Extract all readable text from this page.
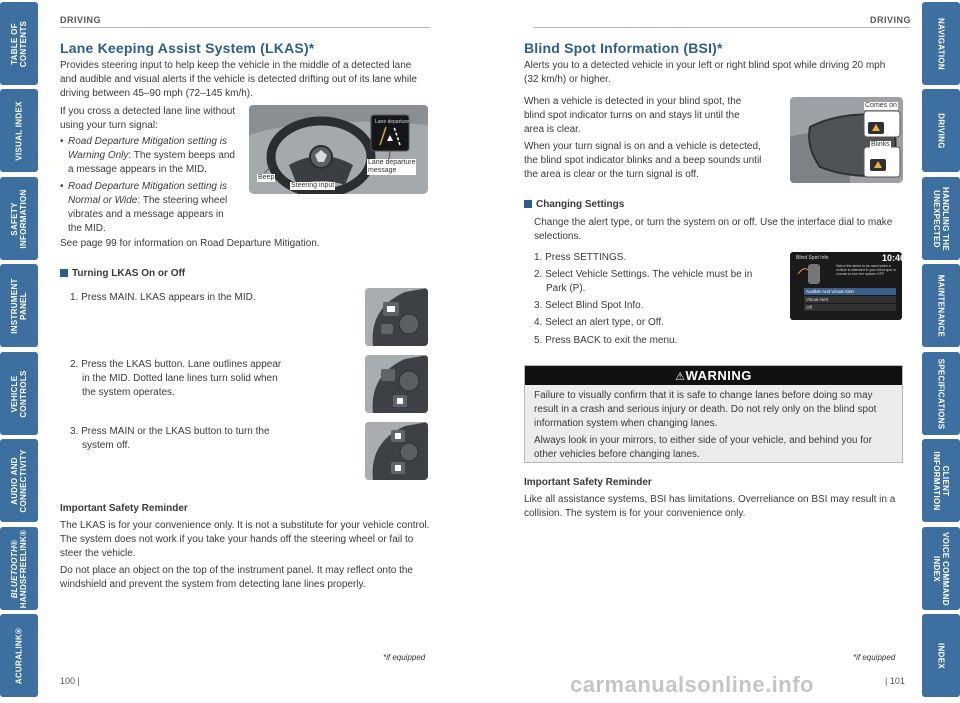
TABLE OF
CONTENTS
VISUAL INDEX
SAFETY
INFORMATION
INSTRUMENT
PANEL
VEHICLE
CONTROLS
AUDIO AND
CONNECTIVITY
BLUETOOTH®
HANDSFREELINK®
ACURALINK®
NAVIGATION
DRIVING
HANDLING THE
UNEXPECTED
MAINTENANCE
SPECIFICATIONS
CLIENT
INFORMATION
VOICE COMMAND
INDEX
INDEX
DRIVING
Lane Keeping Assist System (LKAS)*
Provides steering input to help keep the vehicle in the middle of a detected lane
and audible and visual alerts if the vehicle is detected drifting out of its lane while
driving between 45–90 mph (72–145 km/h).
If you cross a detected lane line without
using your turn signal:
• Road Departure Mitigation setting is
Warning Only: The system beeps and
a message appears in the MID.
• Road Departure Mitigation setting is
Normal or Wide: The steering wheel
vibrates and a message appears in
the MID.
See page 99 for information on Road Departure Mitigation.
Lane departure
Lane departure
message
Beep
Steering input
Turning LKAS On or Off
1. Press MAIN. LKAS appears in the MID.
2. Press the LKAS button. Lane outlines appear
in the MID. Dotted lane lines turn solid when
the system operates.
3. Press MAIN or the LKAS button to turn the
system off.
Important Safety Reminder
The LKAS is for your convenience only. It is not a substitute for your vehicle control.
The system does not work if you take your hands off the steering wheel or fail to
steer the vehicle.
Do not place an object on the top of the instrument panel. It may reflect onto the
windshield and prevent the system from detecting lane lines properly.
*if equipped
100 |
DRIVING
Blind Spot Information (BSI)*
Alerts you to a detected vehicle in your left or right blind spot while driving 20 mph
(32 km/h) or higher.
When a vehicle is detected in your blind spot, the
blind spot indicator turns on and stays lit until the
area is clear.
When your turn signal is on and a vehicle is detected,
the blind spot indicator blinks and a beep sounds until
the area is clear or the turn signal is off.
Comes on
Blinks
Changing Settings
Change the alert type, or turn the system on or off. Use the interface dial to make
selections.
1. Press SETTINGS.
2. Select Vehicle Settings. The vehicle must be in
Park (P).
3. Select Blind Spot Info.
4. Select an alert type, or Off.
5. Press BACK to exit the menu.
Blind Spot Info	10:46
Select the alerts to be used when a vehicle is detected in your blind spot or choose to turn the system OFF.
Audible And Visual Alert
Visual Alert
Off
⚠WARNING
Failure to visually confirm that it is safe to change lanes before doing so may
result in a crash and serious injury or death. Do not rely only on the blind spot
information system when changing lanes.
Always look in your mirrors, to either side of your vehicle, and behind you for
other vehicles before changing lanes.
Important Safety Reminder
Like all assistance systems, BSI has limitations. Overreliance on BSI may result in a
collision. The system is for your convenience only.
*if equipped
| 101
carmanualsonline.info
